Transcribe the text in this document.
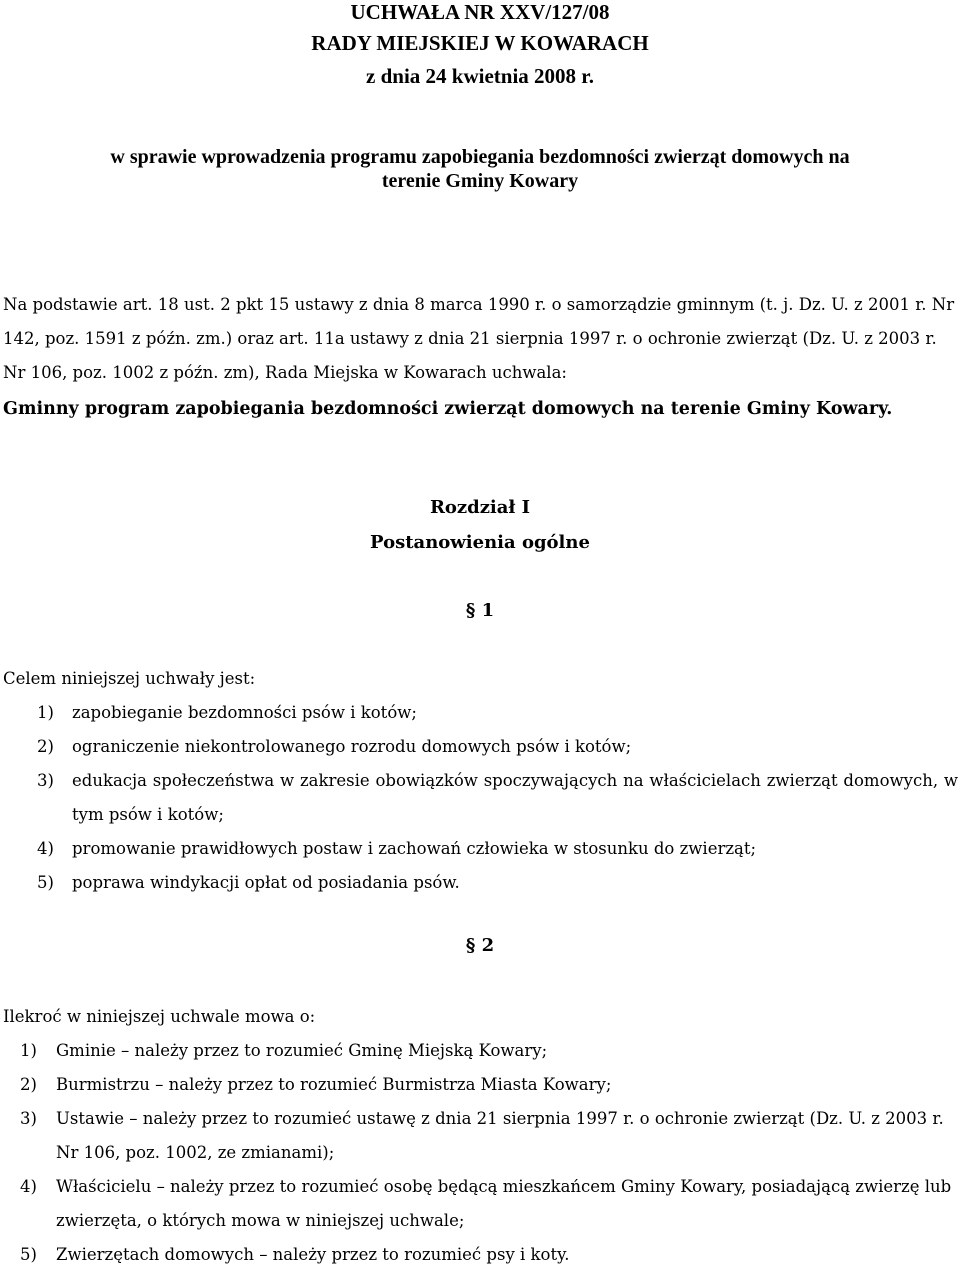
UCHWAŁA NR XXV/127/08
RADY MIEJSKIEJ W KOWARACH
z dnia 24 kwietnia 2008 r.
w sprawie wprowadzenia programu zapobiegania bezdomności zwierząt domowych na
terenie Gminy Kowary
Na podstawie art. 18 ust. 2 pkt 15 ustawy z dnia 8 marca 1990 r. o samorządzie gminnym (t. j. Dz. U. z 2001 r. Nr 142, poz. 1591 z późn. zm.) oraz art. 11a ustawy z dnia 21 sierpnia 1997 r. o ochronie zwierząt (Dz. U. z 2003 r. Nr 106, poz. 1002 z późn. zm), Rada Miejska w Kowarach uchwala:
Gminny program zapobiegania bezdomności zwierząt domowych na terenie Gminy Kowary.
Rozdział I
Postanowienia ogólne
§ 1
Celem niniejszej uchwały jest:
1) zapobieganie bezdomności psów i kotów;
2) ograniczenie niekontrolowanego rozrodu domowych psów i kotów;
3) edukacja społeczeństwa w zakresie obowiązków spoczywających na właścicielach zwierząt domowych, w tym psów i kotów;
4) promowanie prawidłowych postaw i zachowań człowieka w stosunku do zwierząt;
5) poprawa windykacji opłat od posiadania psów.
§ 2
Ilekroć w niniejszej uchwale mowa o:
1) Gminie – należy przez to rozumieć Gminę Miejską Kowary;
2) Burmistrzu – należy przez to rozumieć Burmistrza Miasta Kowary;
3) Ustawie – należy przez to rozumieć ustawę z dnia 21 sierpnia 1997 r. o ochronie zwierząt (Dz. U. z 2003 r. Nr 106, poz. 1002, ze zmianami);
4) Właścicielu – należy przez to rozumieć osobę będącą mieszkańcem Gminy Kowary, posiadającą zwierzę lub zwierzęta, o których mowa w niniejszej uchwale;
5) Zwierzętach domowych – należy przez to rozumieć psy i koty.
